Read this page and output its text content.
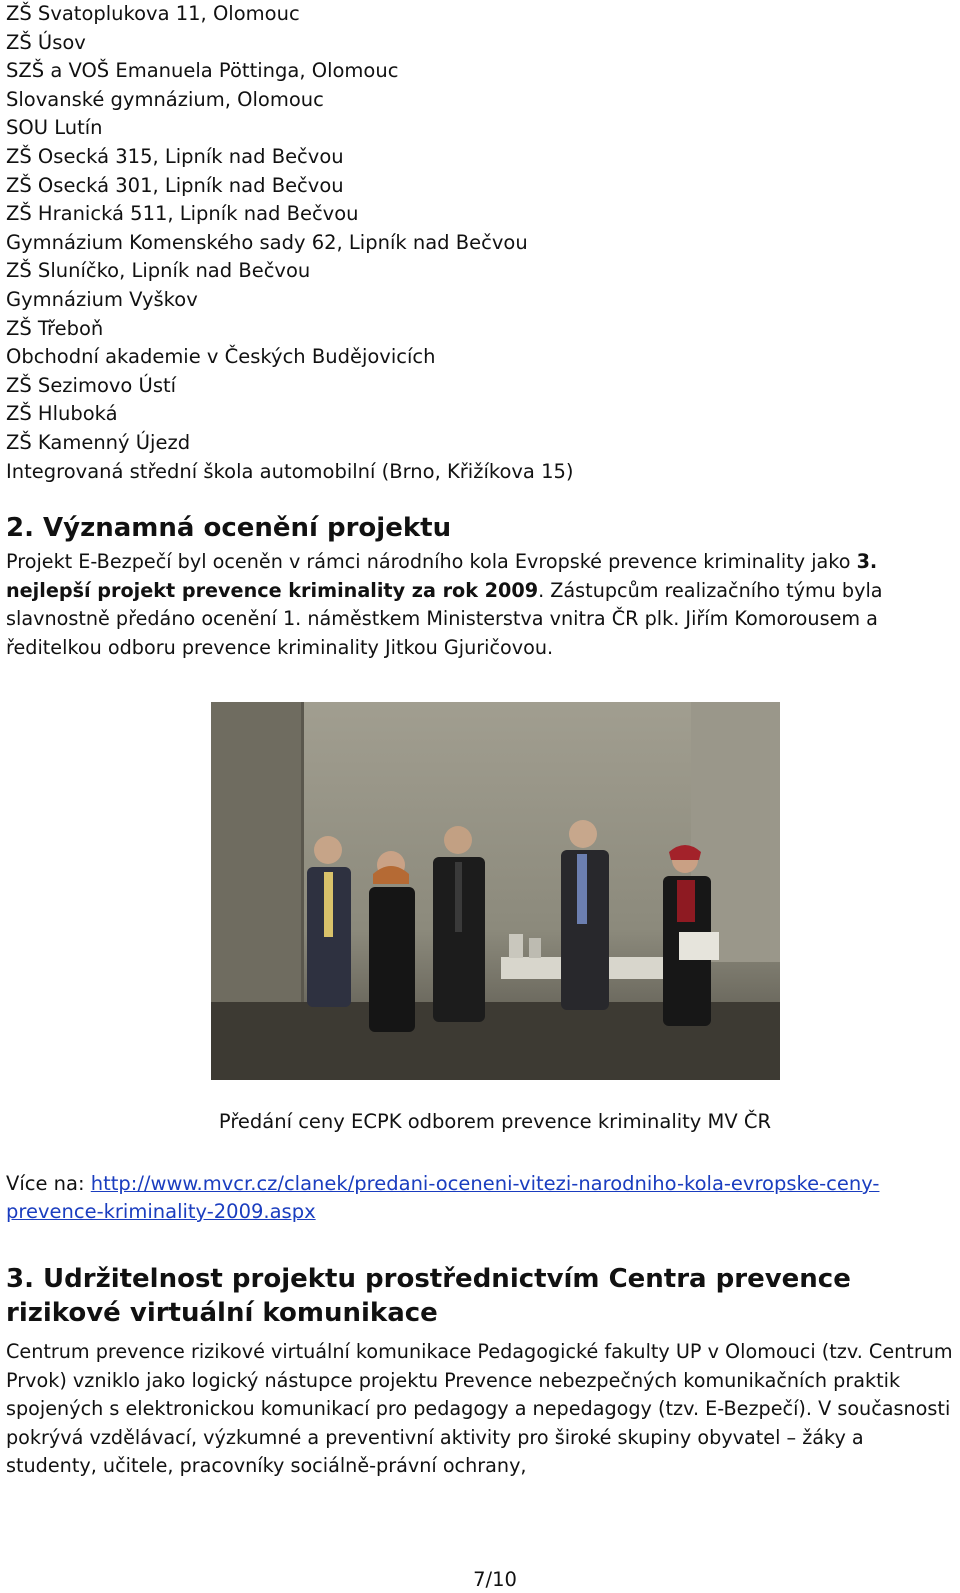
ZŠ Svatoplukova 11, Olomouc
ZŠ Úsov
SZŠ a VOŠ Emanuela Pöttinga, Olomouc
Slovanské gymnázium, Olomouc
SOU Lutín
ZŠ Osecká 315, Lipník nad Bečvou
ZŠ Osecká 301, Lipník nad Bečvou
ZŠ Hranická 511, Lipník nad Bečvou
Gymnázium Komenského sady 62, Lipník nad Bečvou
ZŠ Sluníčko, Lipník nad Bečvou
Gymnázium Vyškov
ZŠ Třeboň
Obchodní akademie v Českých Budějovicích
ZŠ Sezimovo Ústí
ZŠ Hluboká
ZŠ Kamenný Újezd
Integrovaná střední škola automobilní (Brno, Křižíkova 15)
2. Významná ocenění projektu

Projekt E-Bezpečí byl oceněn v rámci národního kola Evropské prevence kriminality jako 3. nejlepší projekt prevence kriminality za rok 2009. Zástupcům realizačního týmu byla slavnostně předáno ocenění 1. náměstkem Ministerstva vnitra ČR plk. Jiřím Komorousem a ředitelkou odboru prevence kriminality Jitkou Gjuričovou.

Předání ceny ECPK odborem prevence kriminality MV ČR

Více na: http://www.mvcr.cz/clanek/predani-oceneni-vitezi-narodniho-kola-evropske-ceny-prevence-kriminality-2009.aspx

3. Udržitelnost projektu prostřednictvím Centra prevence rizikové virtuální komunikace

Centrum prevence rizikové virtuální komunikace Pedagogické fakulty UP v Olomouci (tzv. Centrum Prvok) vzniklo jako logický nástupce projektu Prevence nebezpečných komunikačních praktik spojených s elektronickou komunikací pro pedagogy a nepedagogy (tzv. E-Bezpečí). V současnosti pokrývá vzdělávací, výzkumné a preventivní aktivity pro široké skupiny obyvatel – žáky a studenty, učitele, pracovníky sociálně-právní ochrany,

7/10
